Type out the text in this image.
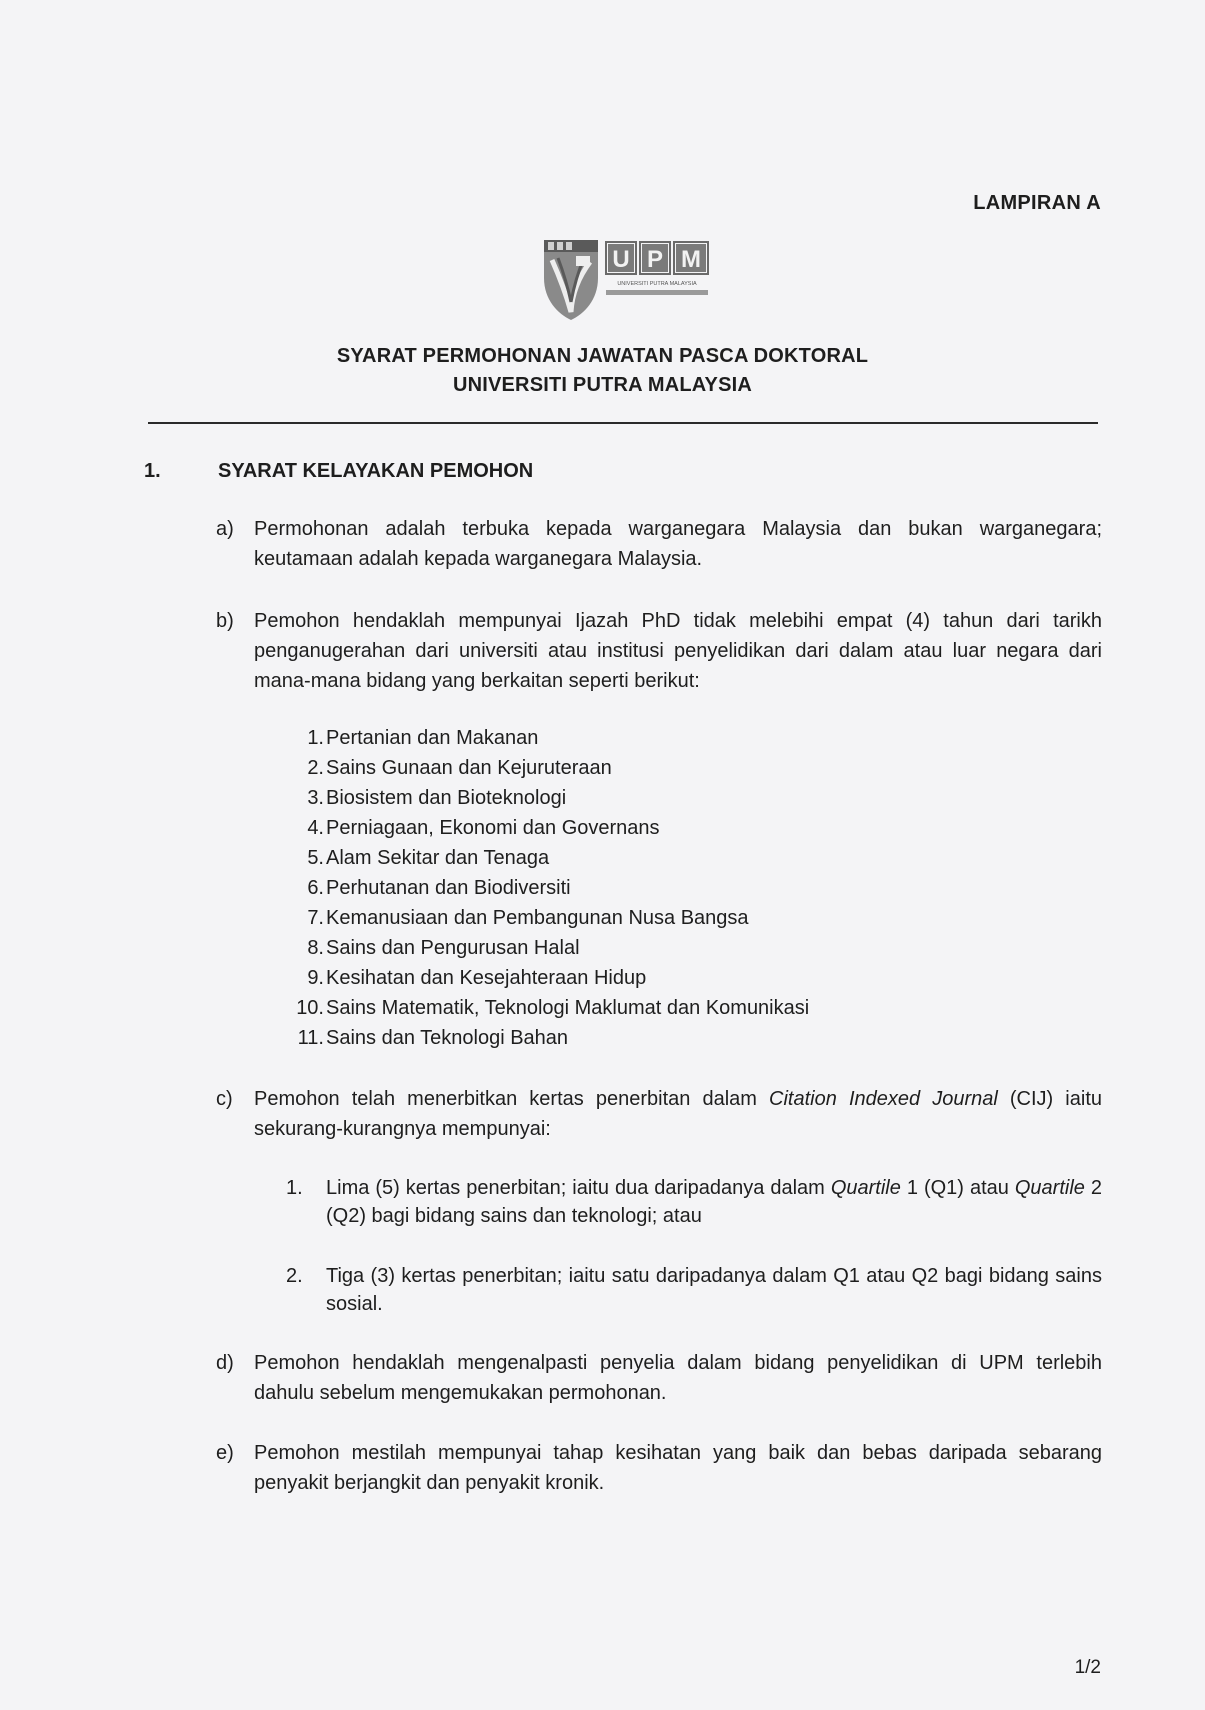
LAMPIRAN A
U P M
UNIVERSITI PUTRA MALAYSIA
SYARAT PERMOHONAN JAWATAN PASCA DOKTORAL
UNIVERSITI PUTRA MALAYSIA
1.	SYARAT KELAYAKAN PEMOHON
a) Permohonan adalah terbuka kepada warganegara Malaysia dan bukan warganegara; keutamaan adalah kepada warganegara Malaysia.
b) Pemohon hendaklah mempunyai Ijazah PhD tidak melebihi empat (4) tahun dari tarikh penganugerahan dari universiti atau institusi penyelidikan dari dalam atau luar negara dari mana-mana bidang yang berkaitan seperti berikut:
1. Pertanian dan Makanan
2. Sains Gunaan dan Kejuruteraan
3. Biosistem dan Bioteknologi
4. Perniagaan, Ekonomi dan Governans
5. Alam Sekitar dan Tenaga
6. Perhutanan dan Biodiversiti
7. Kemanusiaan dan Pembangunan Nusa Bangsa
8. Sains dan Pengurusan Halal
9. Kesihatan dan Kesejahteraan Hidup
10. Sains Matematik, Teknologi Maklumat dan Komunikasi
11. Sains dan Teknologi Bahan
c) Pemohon telah menerbitkan kertas penerbitan dalam Citation Indexed Journal (CIJ) iaitu sekurang-kurangnya mempunyai:
1. Lima (5) kertas penerbitan; iaitu dua daripadanya dalam Quartile 1 (Q1) atau Quartile 2 (Q2) bagi bidang sains dan teknologi; atau
2. Tiga (3) kertas penerbitan; iaitu satu daripadanya dalam Q1 atau Q2 bagi bidang sains sosial.
d) Pemohon hendaklah mengenalpasti penyelia dalam bidang penyelidikan di UPM terlebih dahulu sebelum mengemukakan permohonan.
e) Pemohon mestilah mempunyai tahap kesihatan yang baik dan bebas daripada sebarang penyakit berjangkit dan penyakit kronik.
1/2
